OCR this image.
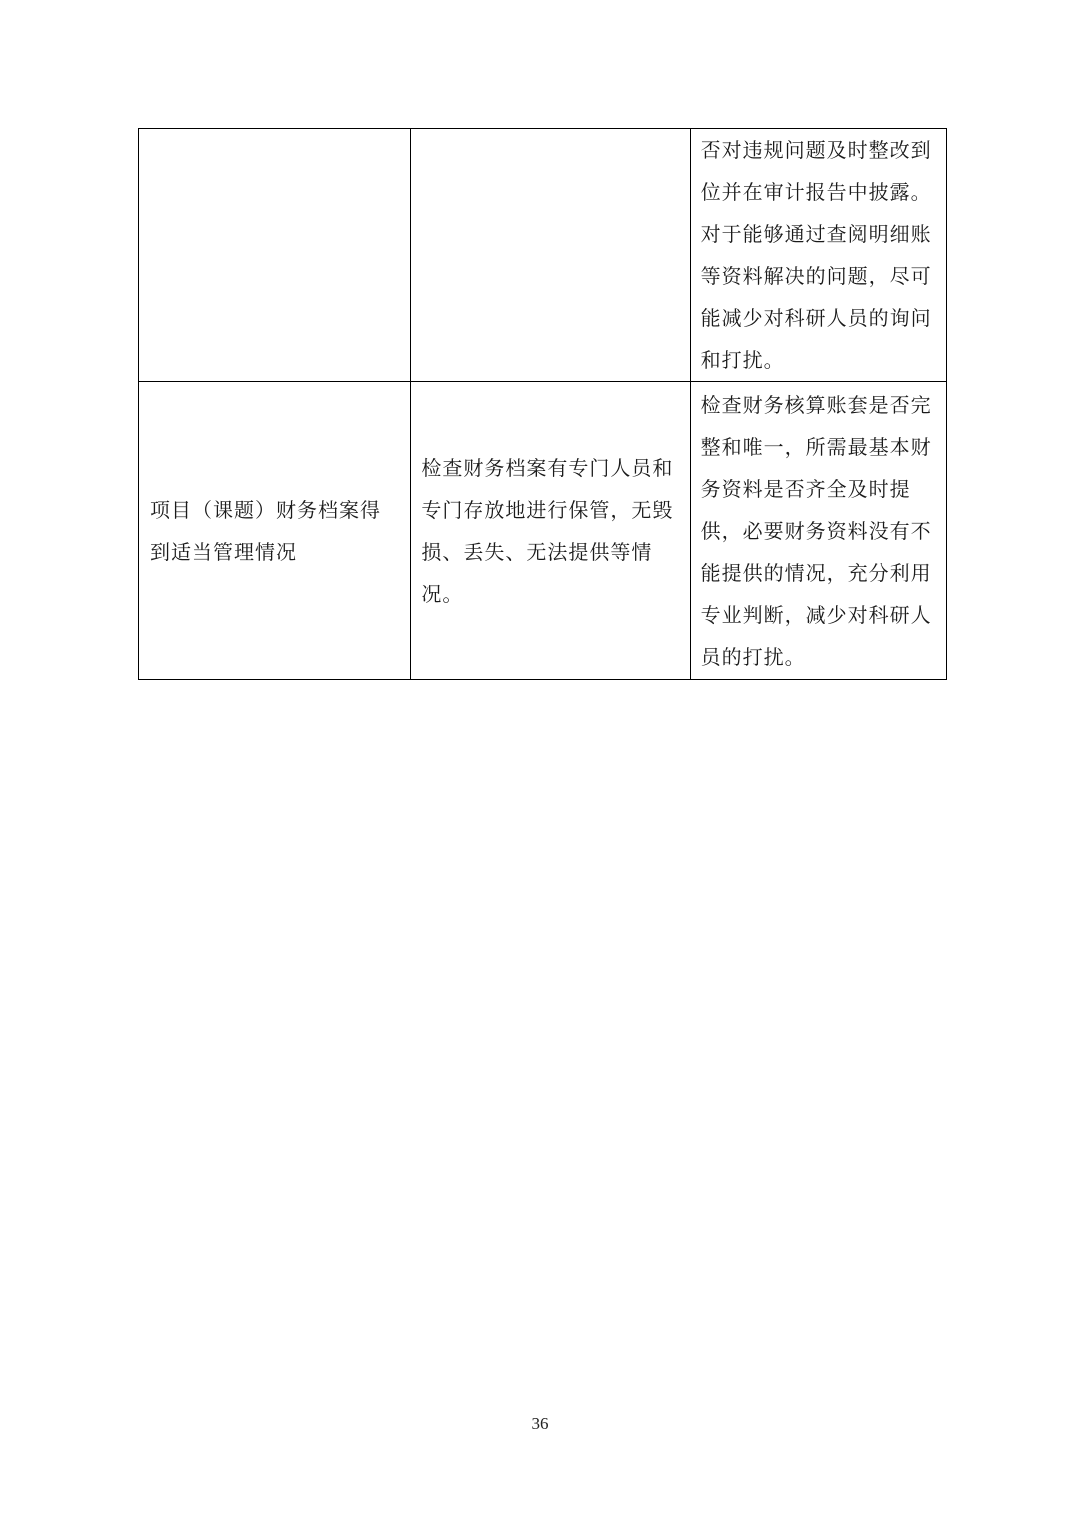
		否对违规问题及时整改到位并在审计报告中披露。对于能够通过查阅明细账等资料解决的问题，尽可能减少对科研人员的询问和打扰。
项目（课题）财务档案得到适当管理情况	检查财务档案有专门人员和专门存放地进行保管，无毁损、丢失、无法提供等情况。	检查财务核算账套是否完整和唯一，所需最基本财务资料是否齐全及时提供，必要财务资料没有不能提供的情况，充分利用专业判断，减少对科研人员的打扰。
36
